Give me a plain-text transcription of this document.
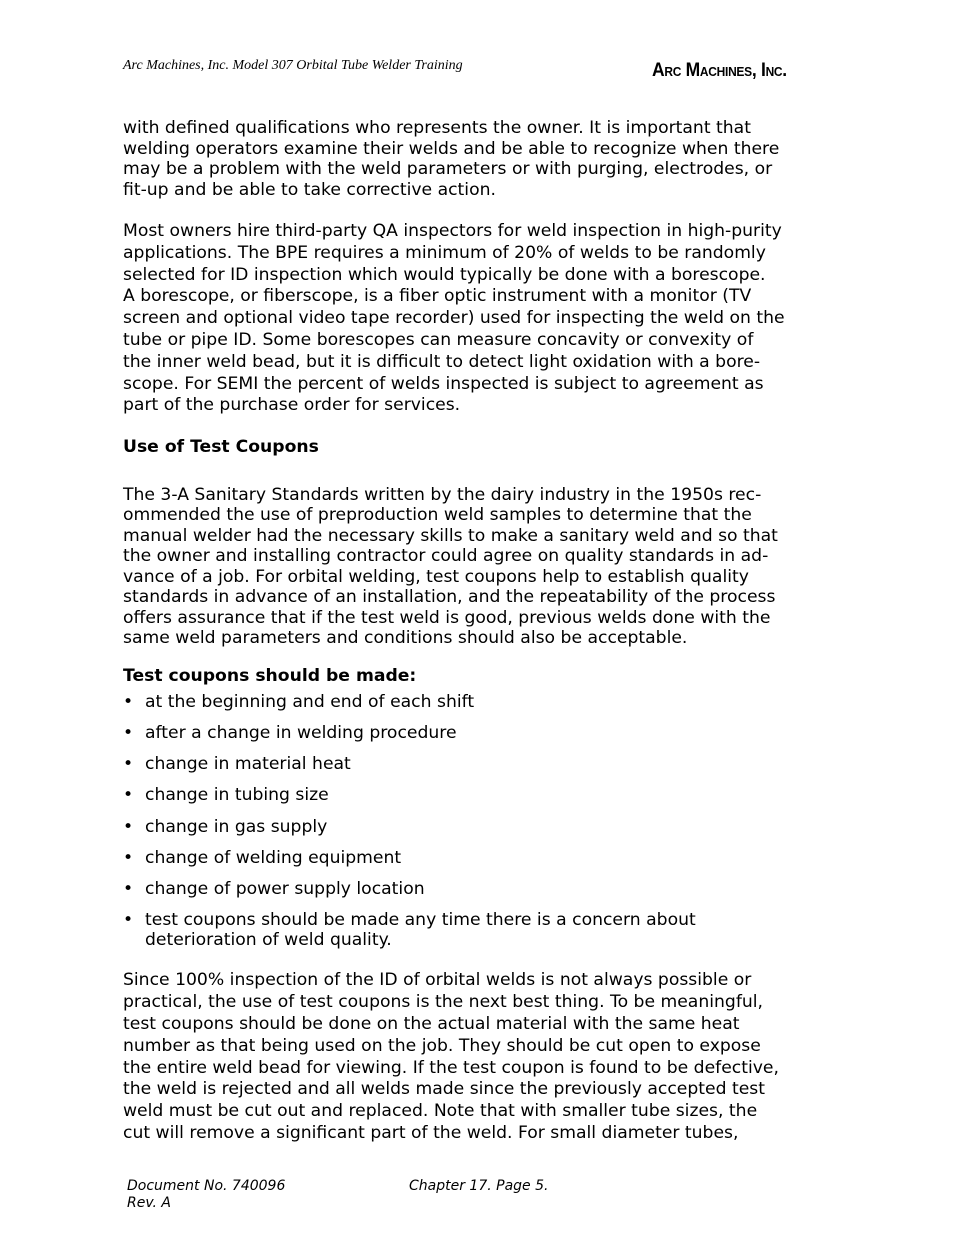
Arc Machines, Inc. Model 307 Orbital Tube Welder Training	Arc Machines, Inc.

with defined qualifications who represents the owner. It is important that

welding operators examine their welds and be able to recognize when there

may be a problem with the weld parameters or with purging, electrodes, or

fit-up and be able to take corrective action.

Most owners hire third-party QA inspectors for weld inspection in high-purity

applications. The BPE requires a minimum of 20% of welds to be randomly

selected for ID inspection which would typically be done with a borescope.

A borescope, or fiberscope, is a fiber optic instrument with a monitor (TV

screen and optional video tape recorder) used for inspecting the weld on the

tube or pipe ID. Some borescopes can measure concavity or convexity of

the inner weld bead, but it is difficult to detect light oxidation with a bore-

scope. For SEMI the percent of welds inspected is subject to agreement as

part of the purchase order for services.

Use of Test Coupons

The 3-A Sanitary Standards written by the dairy industry in the 1950s rec-

ommended the use of preproduction weld samples to determine that the

manual welder had the necessary skills to make a sanitary weld and so that

the owner and installing contractor could agree on quality standards in ad-

vance of a job. For orbital welding, test coupons help to establish quality

standards in advance of an installation, and the repeatability of the process

offers assurance that if the test weld is good, previous welds done with the

same weld parameters and conditions should also be acceptable.

Test coupons should be made:

• at the beginning and end of each shift
• after a change in welding procedure
• change in material heat
• change in tubing size
• change in gas supply
• change of welding equipment
• change of power supply location
• test coupons should be made any time there is a concern about
deterioration of weld quality.

Since 100% inspection of the ID of orbital welds is not always possible or

practical, the use of test coupons is the next best thing. To be meaningful,

test coupons should be done on the actual material with the same heat

number as that being used on the job. They should be cut open to expose

the entire weld bead for viewing. If the test coupon is found to be defective,

the weld is rejected and all welds made since the previously accepted test

weld must be cut out and replaced. Note that with smaller tube sizes, the

cut will remove a significant part of the weld. For small diameter tubes,

Document No. 740096
Rev. A
Chapter 17. Page 5.
